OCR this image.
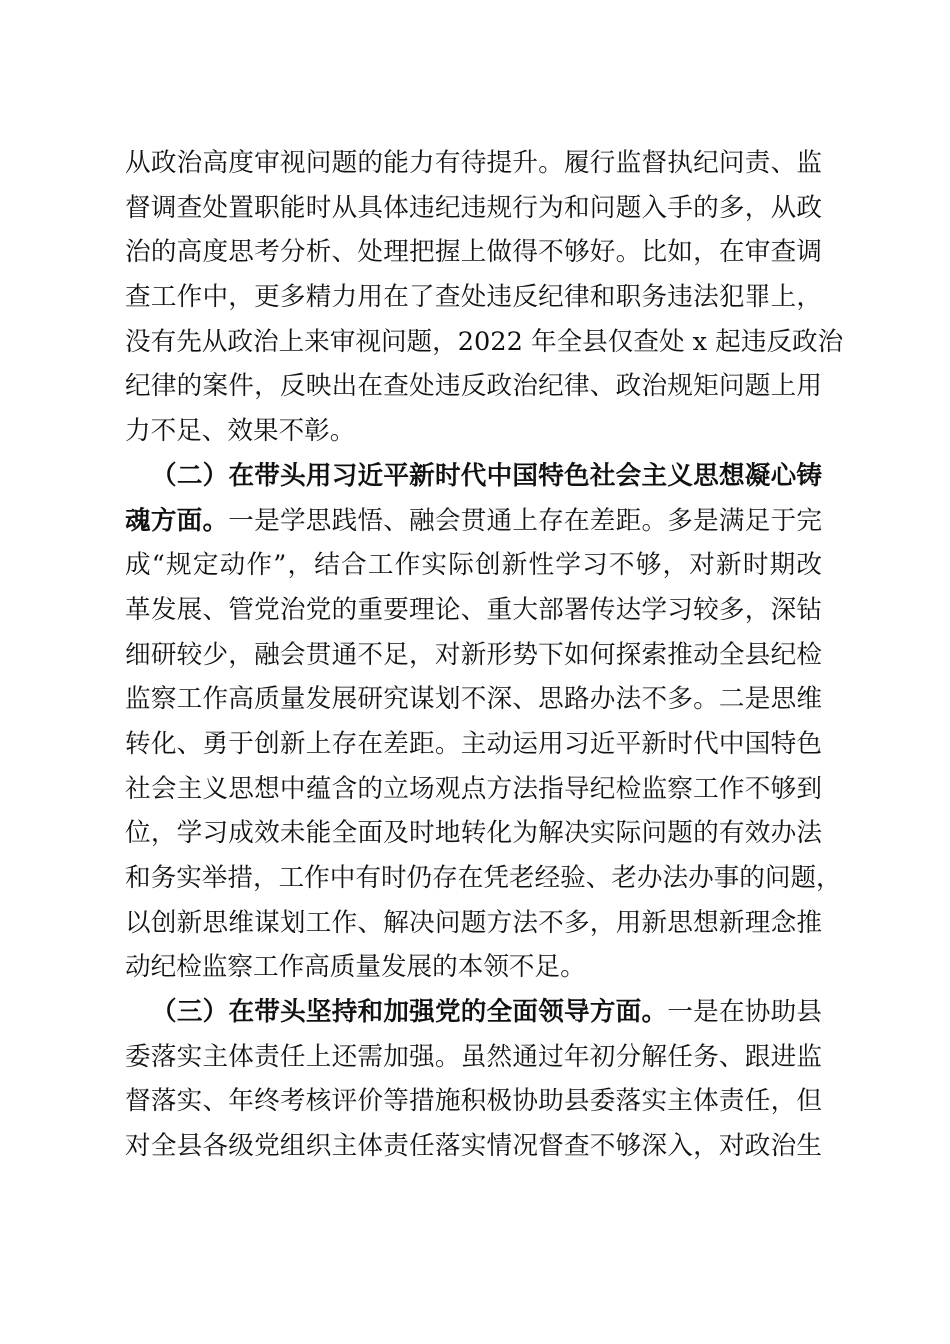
从政治高度审视问题的能力有待提升。履行监督执纪问责、监
督调查处置职能时从具体违纪违规行为和问题入手的多，从政
治的高度思考分析、处理把握上做得不够好。比如，在审查调
查工作中，更多精力用在了查处违反纪律和职务违法犯罪上，
没有先从政治上来审视问题，2022 年全县仅查处 x 起违反政治
纪律的案件，反映出在查处违反政治纪律、政治规矩问题上用
力不足、效果不彰。
（二）在带头用习近平新时代中国特色社会主义思想凝心铸
魂方面。一是学思践悟、融会贯通上存在差距。多是满足于完
成“规定动作”，结合工作实际创新性学习不够，对新时期改
革发展、管党治党的重要理论、重大部署传达学习较多，深钻
细研较少，融会贯通不足，对新形势下如何探索推动全县纪检
监察工作高质量发展研究谋划不深、思路办法不多。二是思维
转化、勇于创新上存在差距。主动运用习近平新时代中国特色
社会主义思想中蕴含的立场观点方法指导纪检监察工作不够到
位，学习成效未能全面及时地转化为解决实际问题的有效办法
和务实举措，工作中有时仍存在凭老经验、老办法办事的问题，
以创新思维谋划工作、解决问题方法不多，用新思想新理念推
动纪检监察工作高质量发展的本领不足。
（三）在带头坚持和加强党的全面领导方面。一是在协助县
委落实主体责任上还需加强。虽然通过年初分解任务、跟进监
督落实、年终考核评价等措施积极协助县委落实主体责任，但
对全县各级党组织主体责任落实情况督查不够深入，对政治生
